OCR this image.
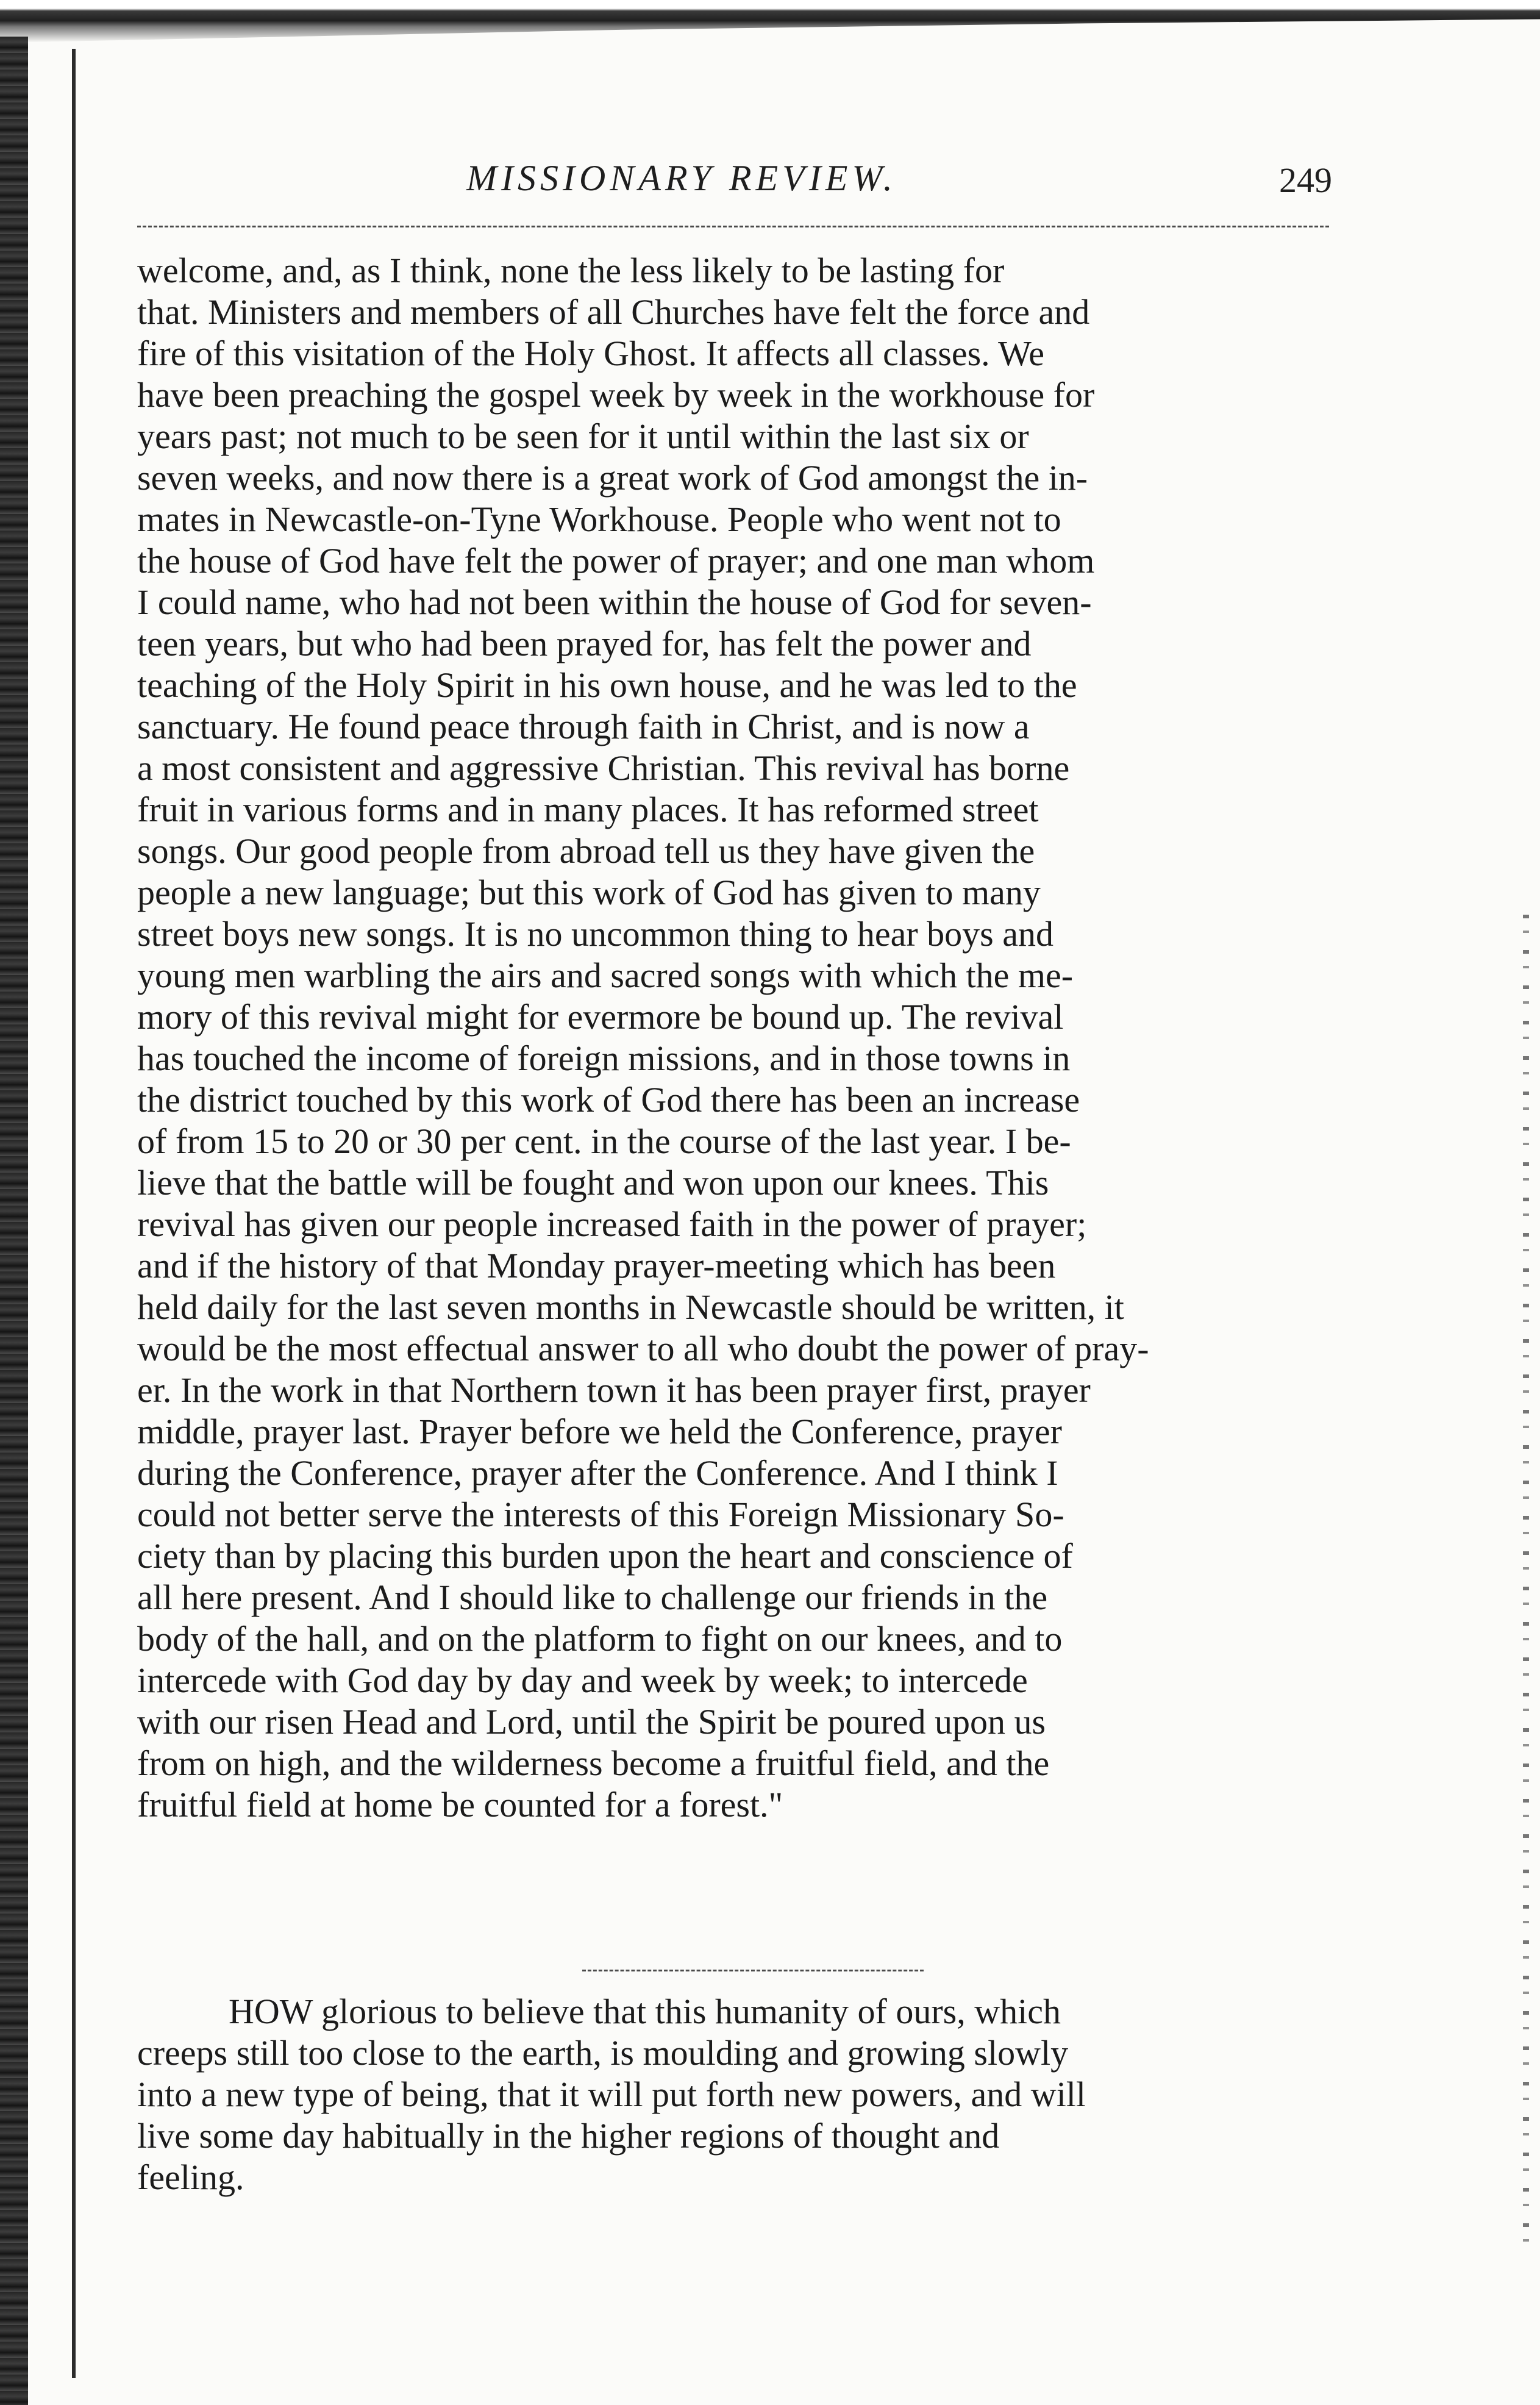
MISSIONARY REVIEW.	249
welcome, and, as I think, none the less likely to be lasting for
that. Ministers and members of all Churches have felt the force and
fire of this visitation of the Holy Ghost. It affects all classes. We
have been preaching the gospel week by week in the workhouse for
years past; not much to be seen for it until within the last six or
seven weeks, and now there is a great work of God amongst the in-
mates in Newcastle-on-Tyne Workhouse. People who went not to
the house of God have felt the power of prayer; and one man whom
I could name, who had not been within the house of God for seven-
teen years, but who had been prayed for, has felt the power and
teaching of the Holy Spirit in his own house, and he was led to the
sanctuary. He found peace through faith in Christ, and is now a
a most consistent and aggressive Christian. This revival has borne
fruit in various forms and in many places. It has reformed street
songs. Our good people from abroad tell us they have given the
people a new language; but this work of God has given to many
street boys new songs. It is no uncommon thing to hear boys and
young men warbling the airs and sacred songs with which the me-
mory of this revival might for evermore be bound up. The revival
has touched the income of foreign missions, and in those towns in
the district touched by this work of God there has been an increase
of from 15 to 20 or 30 per cent. in the course of the last year. I be-
lieve that the battle will be fought and won upon our knees. This
revival has given our people increased faith in the power of prayer;
and if the history of that Monday prayer-meeting which has been
held daily for the last seven months in Newcastle should be written, it
would be the most effectual answer to all who doubt the power of pray-
er. In the work in that Northern town it has been prayer first, prayer
middle, prayer last. Prayer before we held the Conference, prayer
during the Conference, prayer after the Conference. And I think I
could not better serve the interests of this Foreign Missionary So-
ciety than by placing this burden upon the heart and conscience of
all here present. And I should like to challenge our friends in the
body of the hall, and on the platform to fight on our knees, and to
intercede with God day by day and week by week; to intercede
with our risen Head and Lord, until the Spirit be poured upon us
from on high, and the wilderness become a fruitful field, and the
fruitful field at home be counted for a forest."
HOW glorious to believe that this humanity of ours, which
creeps still too close to the earth, is moulding and growing slowly
into a new type of being, that it will put forth new powers, and will
live some day habitually in the higher regions of thought and
feeling.
